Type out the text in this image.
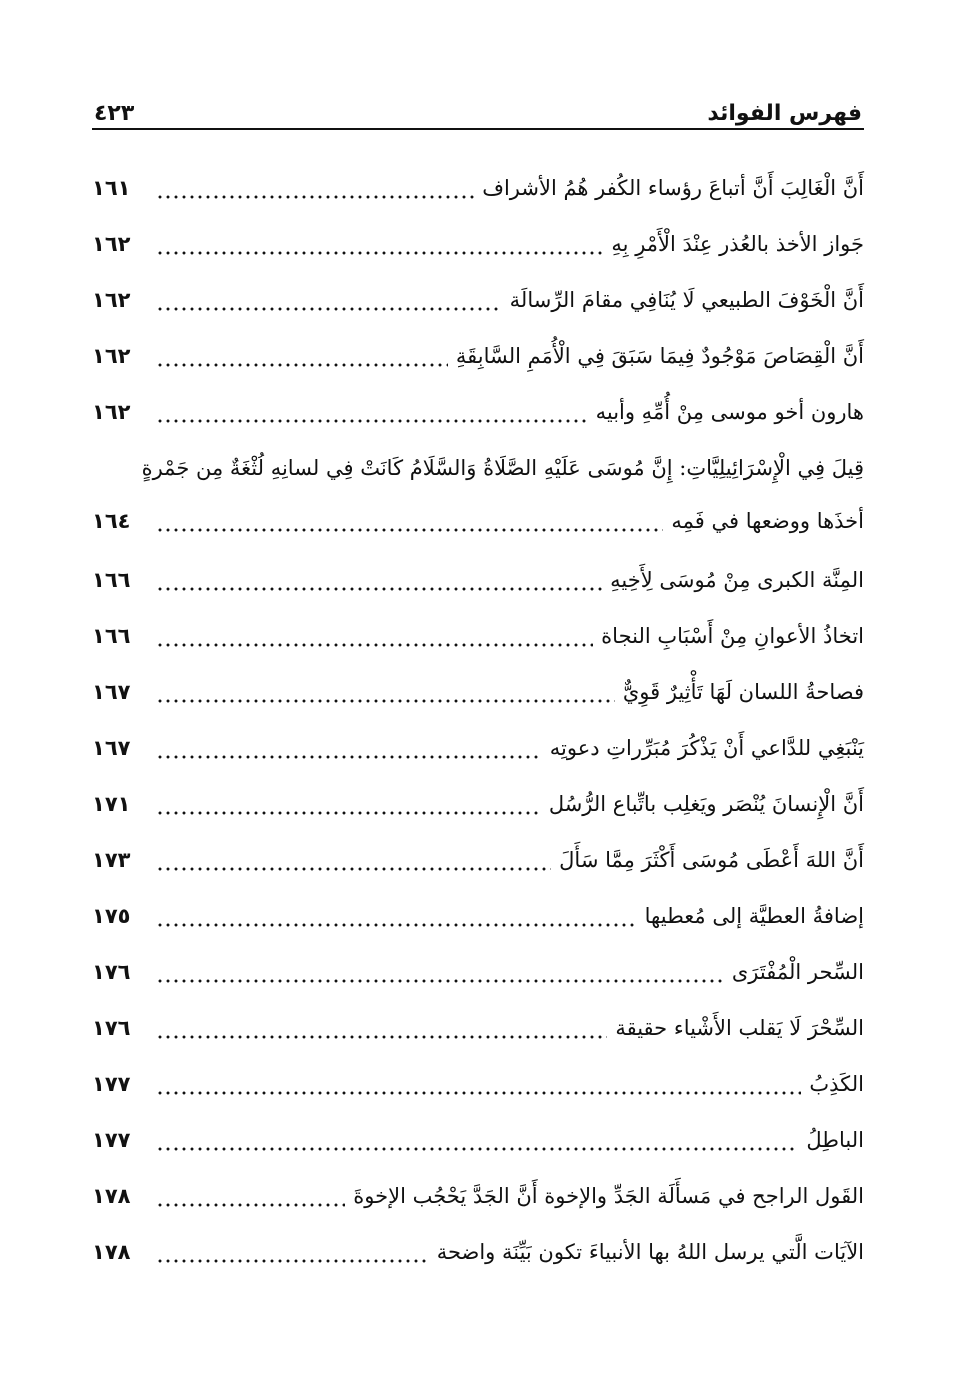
٤٢٣	فهرس الفوائد
أَنَّ الْغَالِبَ أَنَّ أتباعَ رؤساء الكُفر هُمُ الأشراف
١٦١
جَواز الأخذ بالعُذر عِنْدَ الْأَمْرِ بِهِ
١٦٢
أَنَّ الْخَوْفَ الطبيعي لَا يُنَافِي مقامَ الرِّسالَة
١٦٢
أَنَّ الْقِصَاصَ مَوْجُودٌ فِيمَا سَبَقَ فِي الْأُمَمِ السَّابِقَةِ
١٦٢
هارون أخو موسى مِنْ أُمِّهِ وأبيه
١٦٢
قِيلَ فِي الْإِسْرَائِيلِيَّاتِ: إِنَّ مُوسَى عَلَيْهِ الصَّلَاةُ وَالسَّلَامُ كَانَتْ فِي لسانِهِ لُثْغَةٌ مِن جَمْرةٍ
أخذَها ووضعها في فَمِه
١٦٤
المِنَّة الكبرى مِنْ مُوسَى لِأَخِيهِ
١٦٦
اتخاذُ الأعوانِ مِنْ أَسْبَابِ النجاة
١٦٦
فصاحةُ اللسان لَهَا تَأْثِيرٌ قَوِيٌّ
١٦٧
يَنْبَغِي للدَّاعي أَنْ يَذْكُرَ مُبَرِّراتِ دعوتِه
١٦٧
أَنَّ الْإِنسانَ يُنْصَر ويَغلِب باتِّباع الرُّسُل
١٧١
أَنَّ اللهَ أَعْطَى مُوسَى أَكْثَرَ مِمَّا سَأَلَ
١٧٣
إضافةُ العطيَّة إلى مُعطيها
١٧٥
السِّحر الْمُفْتَرَى
١٧٦
السِّحْرَ لَا يَقلب الأَشْياء حقيقة
١٧٦
الكَذِبُ
١٧٧
الباطِلُ
١٧٧
القَول الراجح في مَسأَلَة الجَدِّ والإخوة أَنَّ الجَدَّ يَحْجُب الإخوةَ
١٧٨
الآيَات الَّتي يرسل اللهُ بها الأنبياءَ تكون بَيِّنَة واضحة
١٧٨
